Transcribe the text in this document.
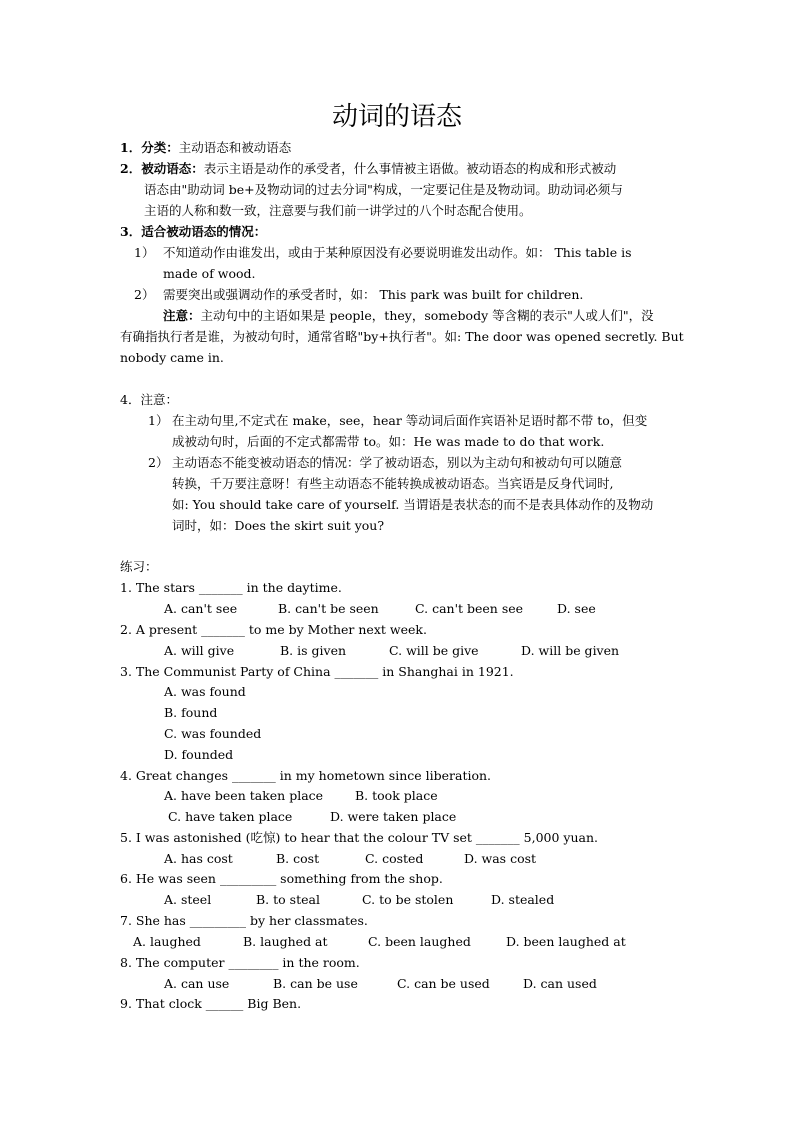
动词的语态
1．分类：主动语态和被动语态
2．被动语态：表示主语是动作的承受者，什么事情被主语做。被动语态的构成和形式被动
语态由"助动词 be+及物动词的过去分词"构成，一定要记住是及物动词。助动词必须与
主语的人称和数一致，注意要与我们前一讲学过的八个时态配合使用。
3．适合被动语态的情况：
1） 不知道动作由谁发出，或由于某种原因没有必要说明谁发出动作。如： This table is
made of wood.
2） 需要突出或强调动作的承受者时，如： This park was built for children.
注意：主动句中的主语如果是 people，they，somebody 等含糊的表示"人或人们"，没
有确指执行者是谁，为被动句时，通常省略"by+执行者"。如: The door was opened secretly. But
nobody came in.
4．注意：
1） 在主动句里,不定式在 make，see，hear 等动词后面作宾语补足语时都不带 to，但变
成被动句时，后面的不定式都需带 to。如：He was made to do that work.
2） 主动语态不能变被动语态的情况：学了被动语态，别以为主动句和被动句可以随意
转换，千万要注意呀！有些主动语态不能转换成被动语态。当宾语是反身代词时,
如: You should take care of yourself. 当谓语是表状态的而不是表具体动作的及物动
词时，如：Does the skirt suit you?
练习：
1. The stars _______ in the daytime.
A. can't see	B. can't be seen	C. can't been see	D. see
2. A present _______ to me by Mother next week.
A. will give	B. is given	C. will be give	D. will be given
3. The Communist Party of China _______ in Shanghai in 1921.
A. was found
B. found
C. was founded
D. founded
4. Great changes _______ in my hometown since liberation.
A. have been taken place	B. took place
C. have taken place	D. were taken place
5. I was astonished (吃惊) to hear that the colour TV set _______ 5,000 yuan.
A. has cost	B. cost	C. costed	D. was cost
6. He was seen _________ something from the shop.
A. steel	B. to steal	C. to be stolen	D. stealed
7. She has _________ by her classmates.
A. laughed	B. laughed at	C. been laughed	D. been laughed at
8. The computer ________ in the room.
A. can use	B. can be use	C. can be used	D. can used
9. That clock ______ Big Ben.
